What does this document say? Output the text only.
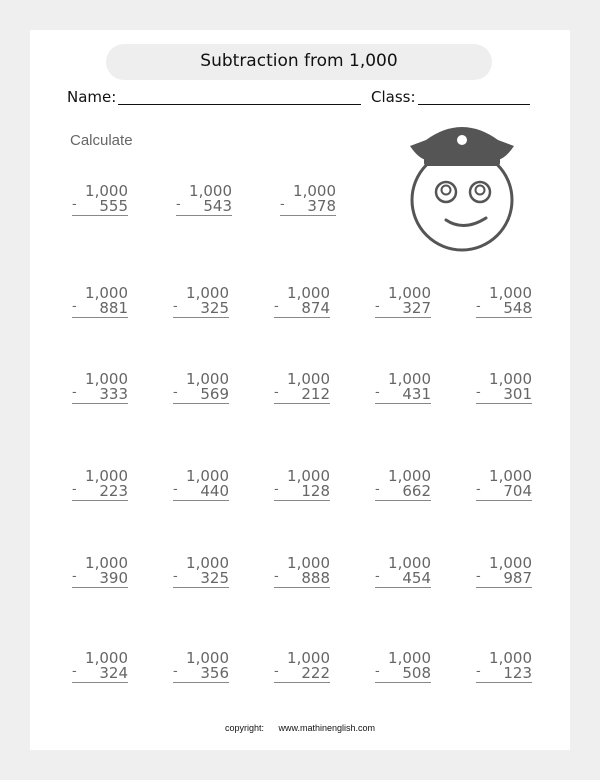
Subtraction from 1,000
Name:	Class:
Calculate
1,000
- 555
1,000
- 543
1,000
- 378
1,000
- 881
1,000
- 325
1,000
- 874
1,000
- 327
1,000
- 548
1,000
- 333
1,000
- 569
1,000
- 212
1,000
- 431
1,000
- 301
1,000
- 223
1,000
- 440
1,000
- 128
1,000
- 662
1,000
- 704
1,000
- 390
1,000
- 325
1,000
- 888
1,000
- 454
1,000
- 987
1,000
- 324
1,000
- 356
1,000
- 222
1,000
- 508
1,000
- 123
copyright: www.mathinenglish.com
